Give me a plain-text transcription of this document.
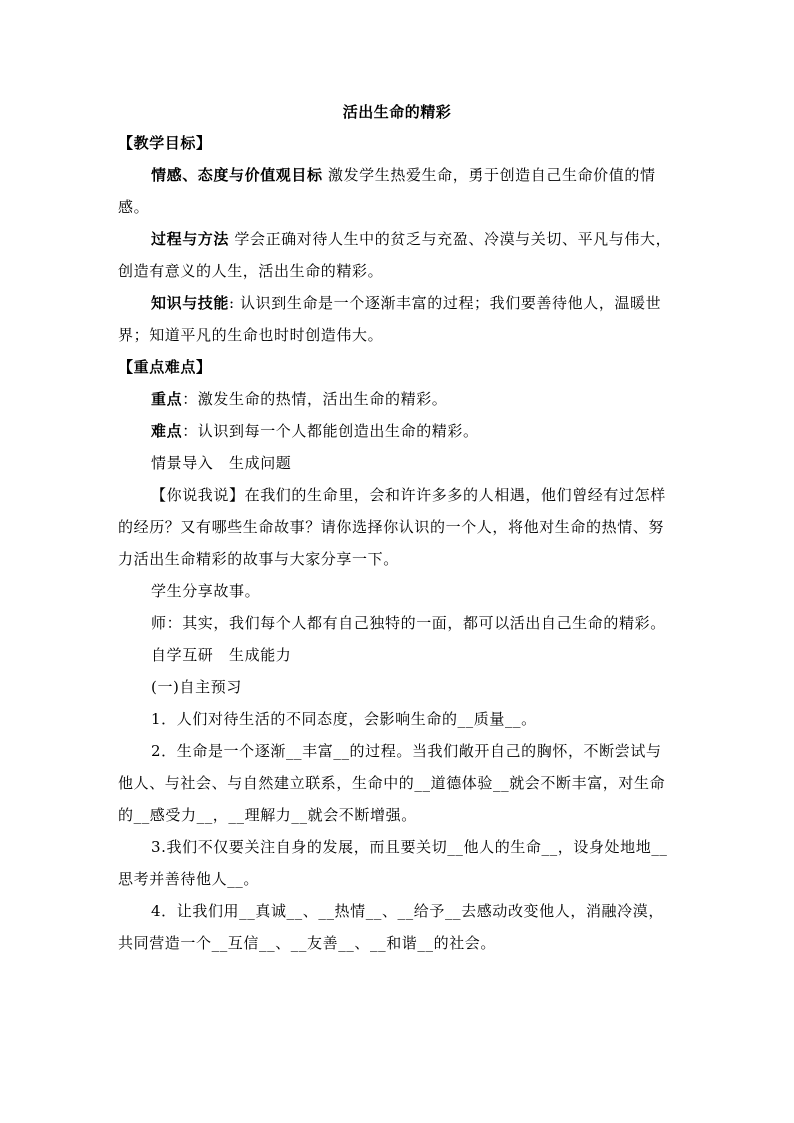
活出生命的精彩
【教学目标】
情感、态度与价值观目标 激发学生热爱生命，勇于创造自己生命价值的情
感。
过程与方法 学会正确对待人生中的贫乏与充盈、冷漠与关切、平凡与伟大，
创造有意义的人生，活出生命的精彩。
知识与技能: 认识到生命是一个逐渐丰富的过程；我们要善待他人，温暖世
界；知道平凡的生命也时时创造伟大。
【重点难点】
重点：激发生命的热情，活出生命的精彩。
难点：认识到每一个人都能创造出生命的精彩。
情景导入　生成问题
【你说我说】在我们的生命里，会和许许多多的人相遇，他们曾经有过怎样
的经历？又有哪些生命故事？请你选择你认识的一个人，将他对生命的热情、努
力活出生命精彩的故事与大家分享一下。
学生分享故事。
师：其实，我们每个人都有自己独特的一面，都可以活出自己生命的精彩。
自学互研　生成能力
(一)自主预习
1．人们对待生活的不同态度，会影响生命的__质量__。
2．生命是一个逐渐__丰富__的过程。当我们敞开自己的胸怀，不断尝试与
他人、与社会、与自然建立联系，生命中的__道德体验__就会不断丰富，对生命
的__感受力__，__理解力__就会不断增强。
3.我们不仅要关注自身的发展，而且要关切__他人的生命__，设身处地地__
思考并善待他人__。
4．让我们用__真诚__、__热情__、__给予__去感动改变他人，消融冷漠，
共同营造一个__互信__、__友善__、__和谐__的社会。
